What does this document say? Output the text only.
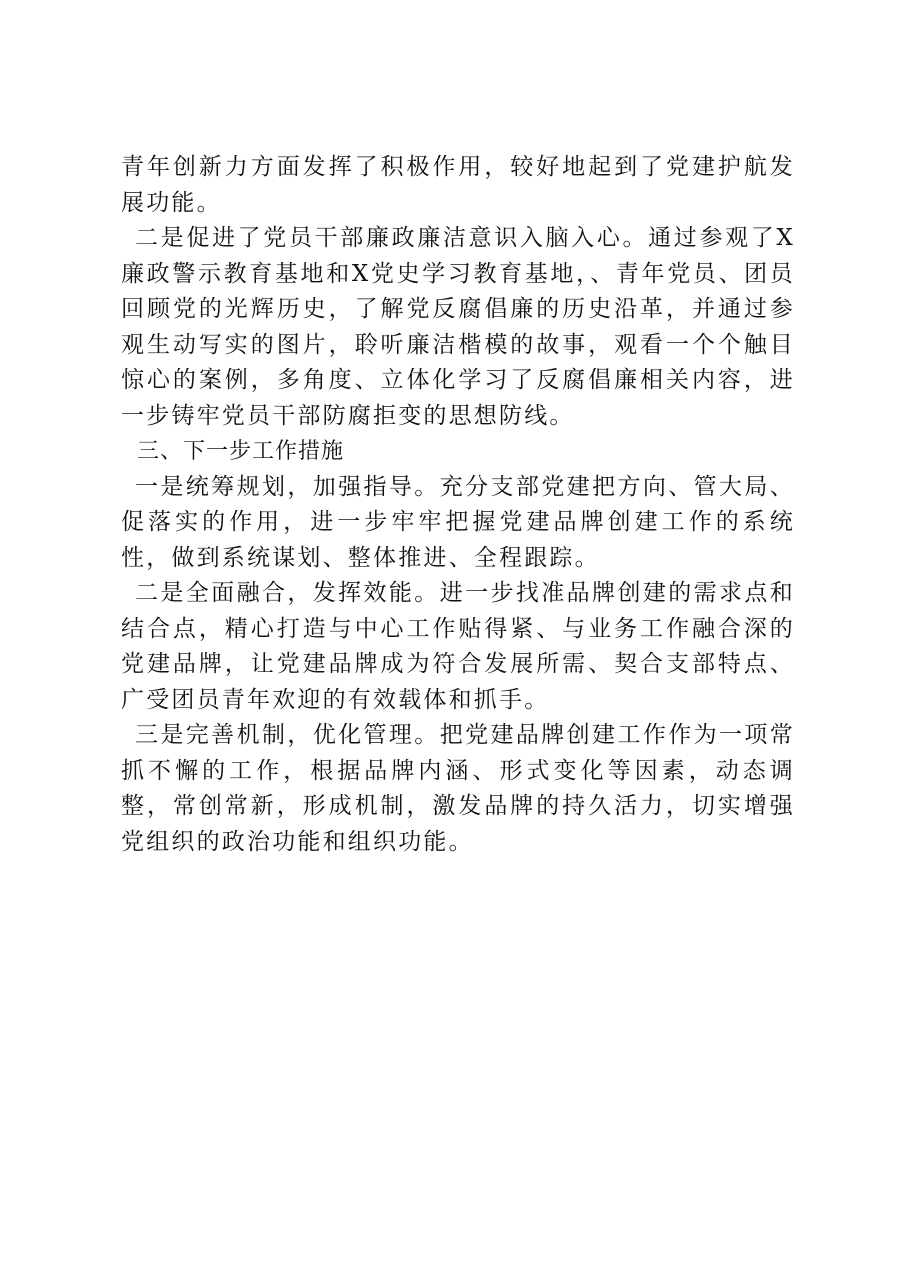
青年创新力方面发挥了积极作用，较好地起到了党建护航发展功能。

二是促进了党员干部廉政廉洁意识入脑入心。通过参观了X廉政警示教育基地和X党史学习教育基地，、青年党员、团员回顾党的光辉历史，了解党反腐倡廉的历史沿革，并通过参观生动写实的图片，聆听廉洁楷模的故事，观看一个个触目惊心的案例，多角度、立体化学习了反腐倡廉相关内容，进一步铸牢党员干部防腐拒变的思想防线。

三、下一步工作措施

一是统筹规划，加强指导。充分支部党建把方向、管大局、促落实的作用，进一步牢牢把握党建品牌创建工作的系统性，做到系统谋划、整体推进、全程跟踪。

二是全面融合，发挥效能。进一步找准品牌创建的需求点和结合点，精心打造与中心工作贴得紧、与业务工作融合深的党建品牌，让党建品牌成为符合发展所需、契合支部特点、广受团员青年欢迎的有效载体和抓手。

三是完善机制，优化管理。把党建品牌创建工作作为一项常抓不懈的工作，根据品牌内涵、形式变化等因素，动态调整，常创常新，形成机制，激发品牌的持久活力，切实增强党组织的政治功能和组织功能。
